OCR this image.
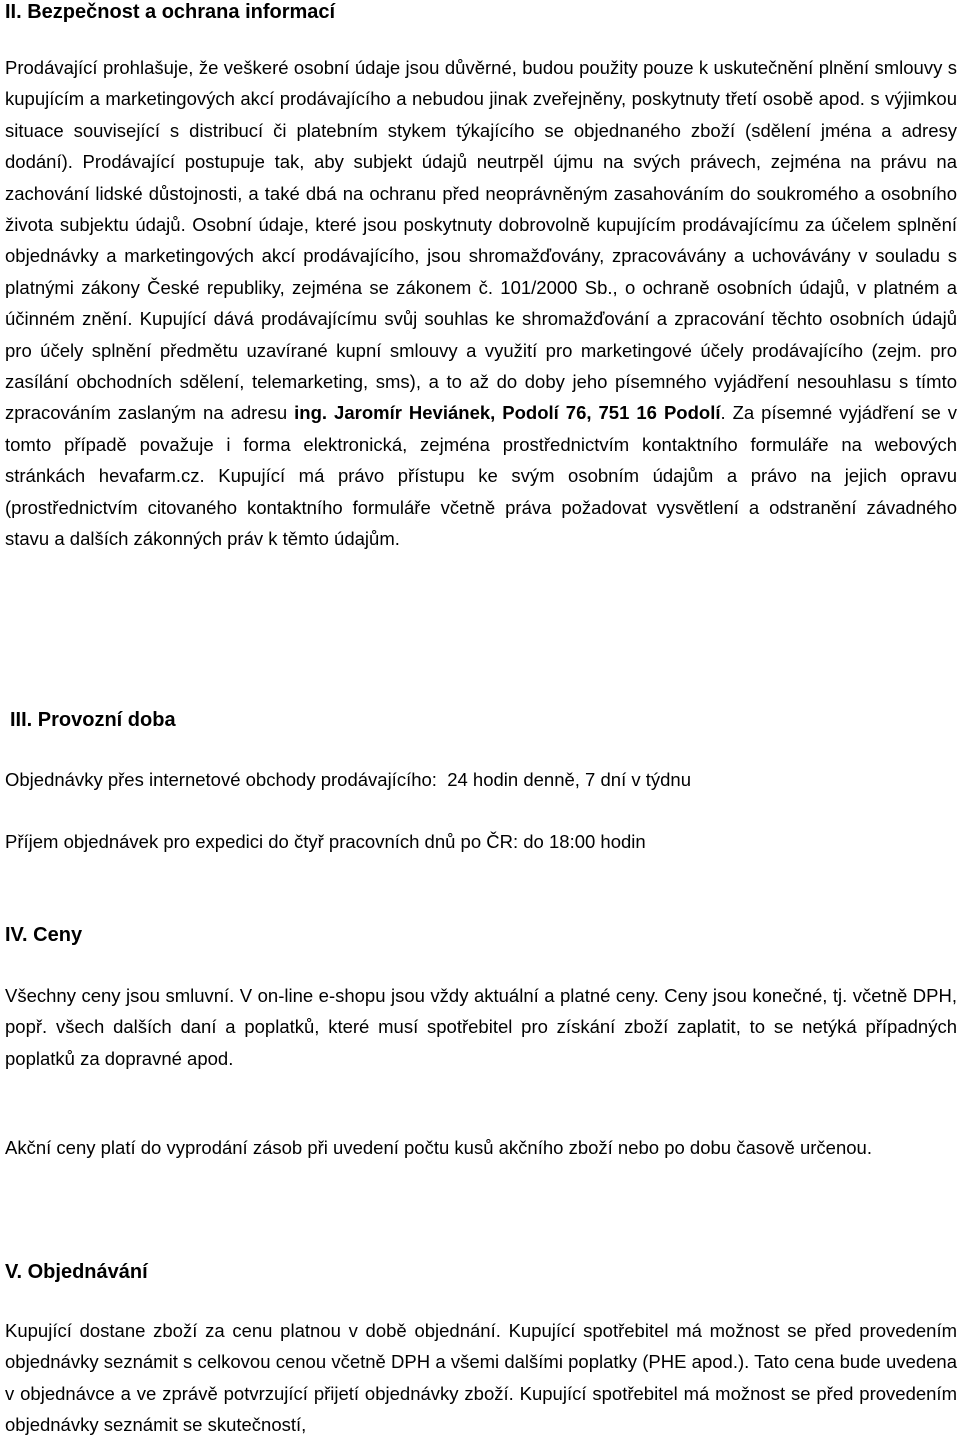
II. Bezpečnost a ochrana informací

Prodávající prohlašuje, že veškeré osobní údaje jsou důvěrné, budou použity pouze k uskutečnění plnění smlouvy s kupujícím a marketingových akcí prodávajícího a nebudou jinak zveřejněny, poskytnuty třetí osobě apod. s výjimkou situace související s distribucí či platebním stykem týkajícího se objednaného zboží (sdělení jména a adresy dodání). Prodávající postupuje tak, aby subjekt údajů neutrpěl újmu na svých právech, zejména na právu na zachování lidské důstojnosti, a také dbá na ochranu před neoprávněným zasahováním do soukromého a osobního života subjektu údajů. Osobní údaje, které jsou poskytnuty dobrovolně kupujícím prodávajícímu za účelem splnění objednávky a marketingových akcí prodávajícího, jsou shromažďovány, zpracovávány a uchovávány v souladu s platnými zákony České republiky, zejména se zákonem č. 101/2000 Sb., o ochraně osobních údajů, v platném a účinném znění. Kupující dává prodávajícímu svůj souhlas ke shromažďování a zpracování těchto osobních údajů pro účely splnění předmětu uzavírané kupní smlouvy a využití pro marketingové účely prodávajícího (zejm. pro zasílání obchodních sdělení, telemarketing, sms), a to až do doby jeho písemného vyjádření nesouhlasu s tímto zpracováním zaslaným na adresu ing. Jaromír Heviánek, Podolí 76, 751 16 Podolí. Za písemné vyjádření se v tomto případě považuje i forma elektronická, zejména prostřednictvím kontaktního formuláře na webových stránkách hevafarm.cz. Kupující má právo přístupu ke svým osobním údajům a právo na jejich opravu (prostřednictvím citovaného kontaktního formuláře včetně práva požadovat vysvětlení a odstranění závadného stavu a dalších zákonných práv k těmto údajům.

III. Provozní doba

Objednávky přes internetové obchody prodávajícího:  24 hodin denně, 7 dní v týdnu

Příjem objednávek pro expedici do čtyř pracovních dnů po ČR: do 18:00 hodin

IV. Ceny

Všechny ceny jsou smluvní. V on-line e-shopu jsou vždy aktuální a platné ceny. Ceny jsou konečné, tj. včetně DPH, popř. všech dalších daní a poplatků, které musí spotřebitel pro získání zboží zaplatit, to se netýká případných poplatků za dopravné apod.

Akční ceny platí do vyprodání zásob při uvedení počtu kusů akčního zboží nebo po dobu časově určenou.

V. Objednávání

Kupující dostane zboží za cenu platnou v době objednání. Kupující spotřebitel má možnost se před provedením objednávky seznámit s celkovou cenou včetně DPH a všemi dalšími poplatky (PHE apod.). Tato cena bude uvedena v objednávce a ve zprávě potvrzující přijetí objednávky zboží. Kupující spotřebitel má možnost se před provedením objednávky seznámit se skutečností,
